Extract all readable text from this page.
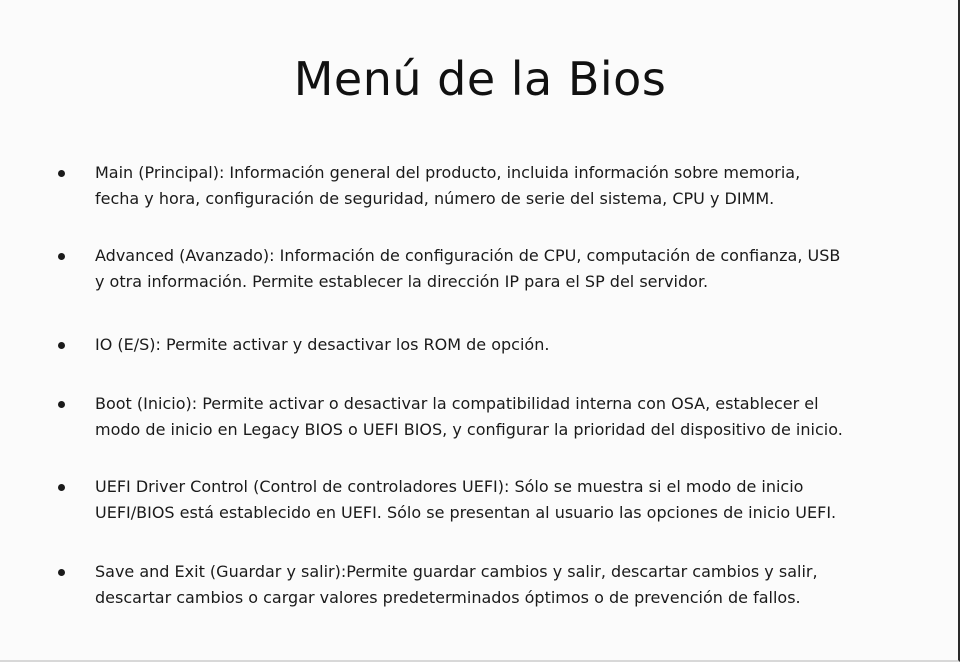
Menú de la Bios
Main (Principal): Información general del producto, incluida información sobre memoria,
fecha y hora, configuración de seguridad, número de serie del sistema, CPU y DIMM.
Advanced (Avanzado): Información de configuración de CPU, computación de confianza, USB
y otra información. Permite establecer la dirección IP para el SP del servidor.
IO (E/S): Permite activar y desactivar los ROM de opción.
Boot (Inicio): Permite activar o desactivar la compatibilidad interna con OSA, establecer el
modo de inicio en Legacy BIOS o UEFI BIOS, y configurar la prioridad del dispositivo de inicio.
UEFI Driver Control (Control de controladores UEFI): Sólo se muestra si el modo de inicio
UEFI/BIOS está establecido en UEFI. Sólo se presentan al usuario las opciones de inicio UEFI.
Save and Exit (Guardar y salir):Permite guardar cambios y salir, descartar cambios y salir,
descartar cambios o cargar valores predeterminados óptimos o de prevención de fallos.
